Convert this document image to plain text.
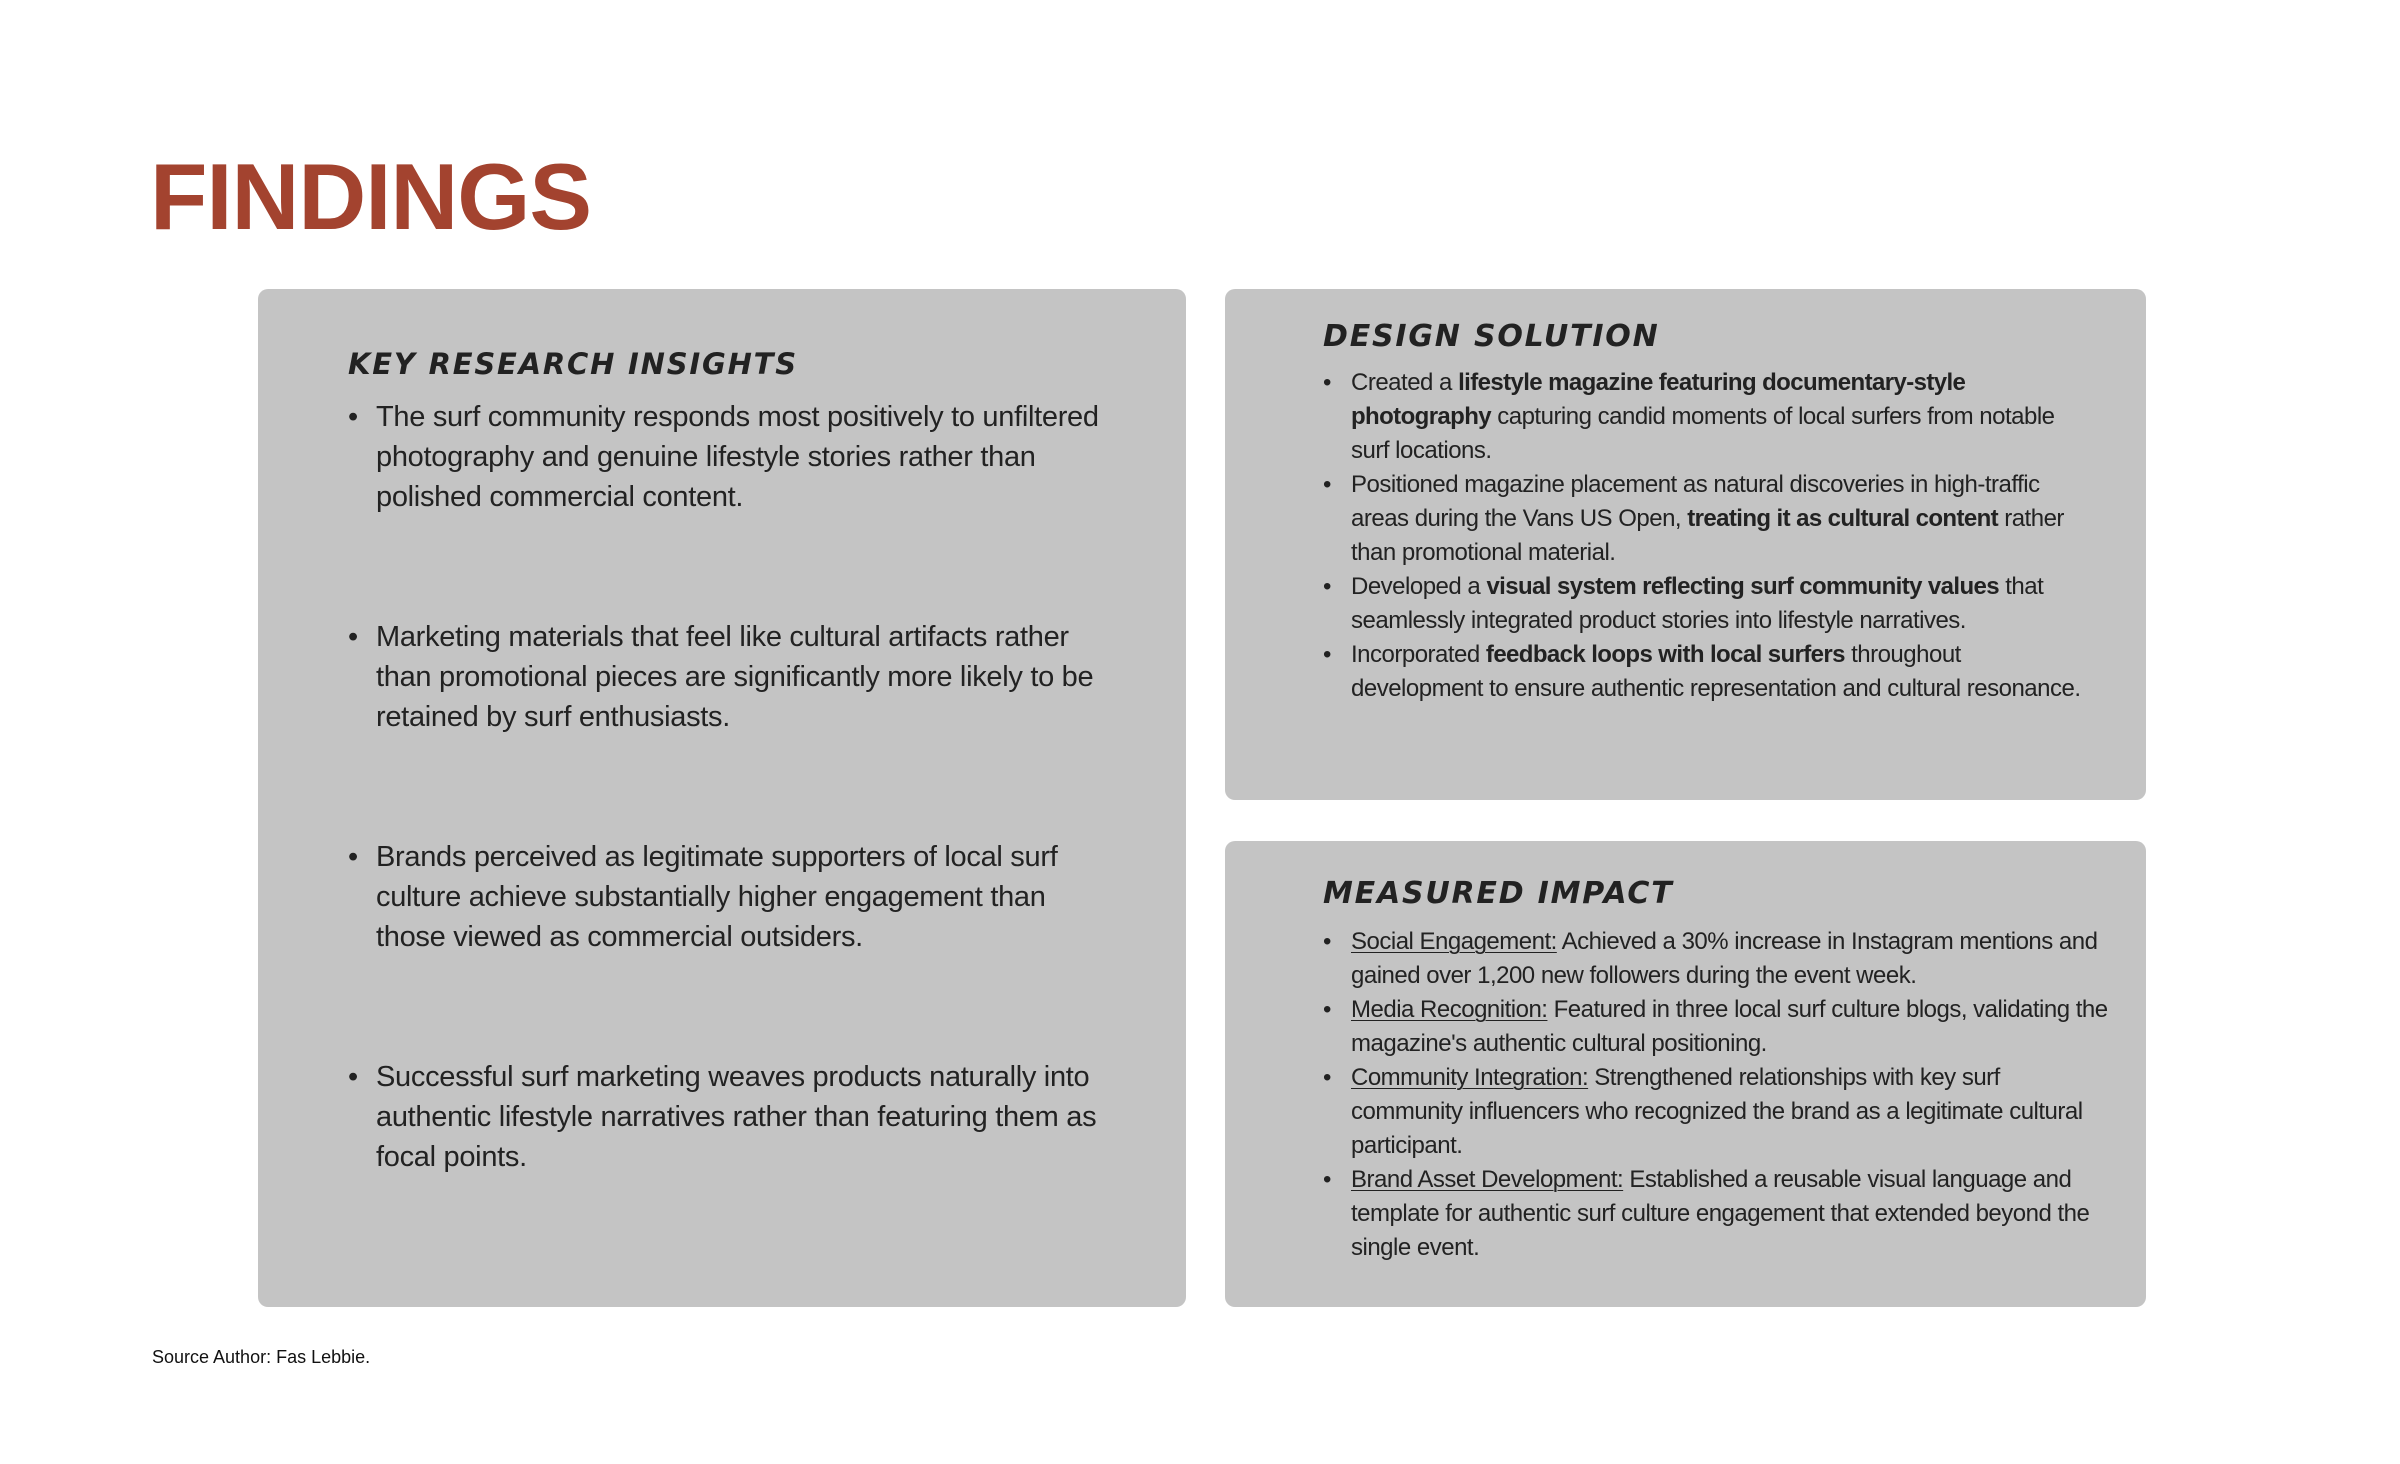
FINDINGS
KEY RESEARCH INSIGHTS
• The surf community responds most positively to unfiltered photography and genuine lifestyle stories rather than polished commercial content.
• Marketing materials that feel like cultural artifacts rather than promotional pieces are significantly more likely to be retained by surf enthusiasts.
• Brands perceived as legitimate supporters of local surf culture achieve substantially higher engagement than those viewed as commercial outsiders.
• Successful surf marketing weaves products naturally into authentic lifestyle narratives rather than featuring them as focal points.
DESIGN SOLUTION
• Created a lifestyle magazine featuring documentary-style photography capturing candid moments of local surfers from notable surf locations.
• Positioned magazine placement as natural discoveries in high-traffic areas during the Vans US Open, treating it as cultural content rather than promotional material.
• Developed a visual system reflecting surf community values that seamlessly integrated product stories into lifestyle narratives.
• Incorporated feedback loops with local surfers throughout development to ensure authentic representation and cultural resonance.
MEASURED IMPACT
• Social Engagement: Achieved a 30% increase in Instagram mentions and gained over 1,200 new followers during the event week.
• Media Recognition: Featured in three local surf culture blogs, validating the magazine's authentic cultural positioning.
• Community Integration: Strengthened relationships with key surf community influencers who recognized the brand as a legitimate cultural participant.
• Brand Asset Development: Established a reusable visual language and template for authentic surf culture engagement that extended beyond the single event.
Source Author: Fas Lebbie.
